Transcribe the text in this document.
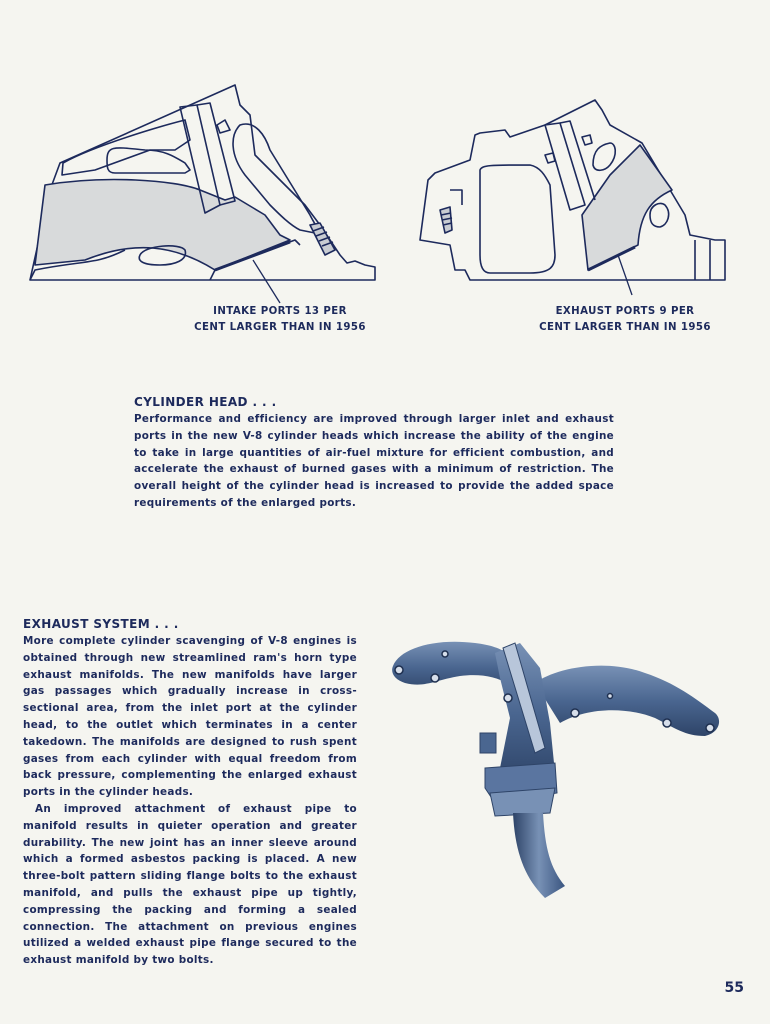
INTAKE PORTS 13 PER
CENT LARGER THAN IN 1956
EXHAUST PORTS 9 PER
CENT LARGER THAN IN 1956
CYLINDER HEAD . . .

Performance and efficiency are improved through larger inlet and exhaust ports in the new V-8 cylinder heads which increase the ability of the engine to take in large quantities of air-fuel mixture for efficient combustion, and accelerate the exhaust of burned gases with a minimum of restriction. The overall height of the cylinder head is increased to provide the added space requirements of the enlarged ports.

EXHAUST SYSTEM . . .

More complete cylinder scavenging of V-8 engines is obtained through new streamlined ram's horn type exhaust manifolds. The new manifolds have larger gas passages which gradually increase in cross-sectional area, from the inlet port at the cylinder head, to the outlet which terminates in a center takedown. The manifolds are designed to rush spent gases from each cylinder with equal freedom from back pressure, complementing the enlarged exhaust ports in the cylinder heads.

An improved attachment of exhaust pipe to manifold results in quieter operation and greater durability. The new joint has an inner sleeve around which a formed asbestos packing is placed. A new three-bolt pattern sliding flange bolts to the exhaust manifold, and pulls the exhaust pipe up tightly, compressing the packing and forming a sealed connection. The attachment on previous engines utilized a welded exhaust pipe flange secured to the exhaust manifold by two bolts.

55
